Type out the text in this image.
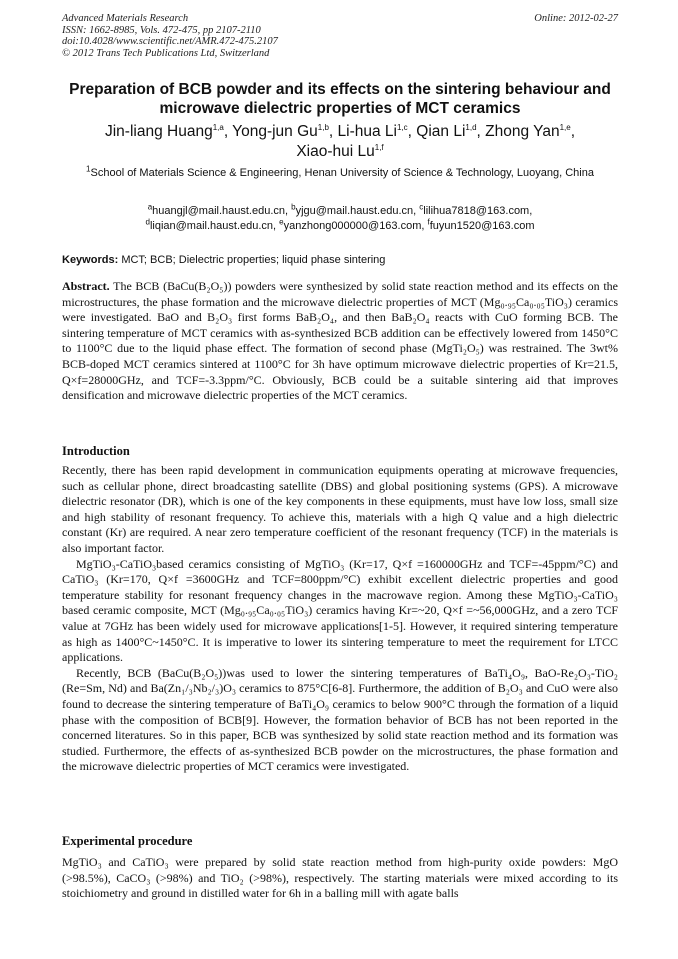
Advanced Materials Research
ISSN: 1662-8985, Vols. 472-475, pp 2107-2110
doi:10.4028/www.scientific.net/AMR.472-475.2107
© 2012 Trans Tech Publications Ltd, Switzerland
Online: 2012-02-27
Preparation of BCB powder and its effects on the sintering behaviour and microwave dielectric properties of MCT ceramics
Jin-liang Huang$^{1,a}$, Yong-jun Gu$^{1,b}$, Li-hua Li$^{1,c}$, Qian Li$^{1,d}$, Zhong Yan$^{1,e}$,
Xiao-hui Lu$^{1,f}$
$^1$School of Materials Science & Engineering, Henan University of Science & Technology, Luoyang, China
$^a$huangjl@mail.haust.edu.cn, $^b$yjgu@mail.haust.edu.cn, $^c$lilihua7818@163.com,
$^d$liqian@mail.haust.edu.cn, $^e$yanzhong000000@163.com, $^f$fuyun1520@163.com
Keywords: MCT; BCB; Dielectric properties; liquid phase sintering
Abstract. The BCB (BaCu(B₂O₅)) powders were synthesized by solid state reaction method and its effects on the microstructures, the phase formation and the microwave dielectric properties of MCT (Mg₀.₉₅Ca₀.₀₅TiO₃) ceramics were investigated. BaO and B₂O₃ first forms BaB₂O₄, and then BaB₂O₄ reacts with CuO forming BCB. The sintering temperature of MCT ceramics with as-synthesized BCB addition can be effectively lowered from 1450°C to 1100°C due to the liquid phase effect. The formation of second phase (MgTi₂O₅) was restrained. The 3wt% BCB-doped MCT ceramics sintered at 1100°C for 3h have optimum microwave dielectric properties of Kr=21.5, Q×f=28000GHz, and TCF=-3.3ppm/°C. Obviously, BCB could be a suitable sintering aid that improves densification and microwave dielectric properties of the MCT ceramics.
Introduction

Recently, there has been rapid development in communication equipments operating at microwave frequencies, such as cellular phone, direct broadcasting satellite (DBS) and global positioning systems (GPS). A microwave dielectric resonator (DR), which is one of the key components in these equipments, must have low loss, small size and high stability of resonant frequency. To achieve this, materials with a high Q value and a high dielectric constant (Kr) are required. A near zero temperature coefficient of the resonant frequency (TCF) in the materials is also important factor.

MgTiO₃-CaTiO₃based ceramics consisting of MgTiO₃ (Kr=17, Q×f =160000GHz and TCF=-45ppm/°C) and CaTiO₃ (Kr=170, Q×f =3600GHz and TCF=800ppm/°C) exhibit excellent dielectric properties and good temperature stability for resonant frequency changes in the macrowave region. Among these MgTiO₃-CaTiO₃ based ceramic composite, MCT (Mg₀.₉₅Ca₀.₀₅TiO₃) ceramics having Kr=~20, Q×f =~56,000GHz, and a zero TCF value at 7GHz has been widely used for microwave applications[1-5]. However, it required sintering temperature as high as 1400°C~1450°C. It is imperative to lower its sintering temperature to meet the requirement for LTCC applications.

Recently, BCB (BaCu(B₂O₅))was used to lower the sintering temperatures of BaTi₄O₉, BaO-Re₂O₃-TiO₂ (Re=Sm, Nd) and Ba(Zn₁/₃Nb₂/₃)O₃ ceramics to 875°C[6-8]. Furthermore, the addition of B₂O₃ and CuO were also found to decrease the sintering temperature of BaTi₄O₉ ceramics to below 900°C through the formation of a liquid phase with the composition of BCB[9]. However, the formation behavior of BCB has not been reported in the concerned literatures. So in this paper, BCB was synthesized by solid state reaction method and its formation was studied. Furthermore, the effects of as-synthesized BCB powder on the microstructures, the phase formation and the microwave dielectric properties of MCT ceramics were investigated.

Experimental procedure

MgTiO₃ and CaTiO₃ were prepared by solid state reaction method from high-purity oxide powders: MgO (>98.5%), CaCO₃ (>98%) and TiO₂ (>98%), respectively. The starting materials were mixed according to its stoichiometry and ground in distilled water for 6h in a balling mill with agate balls
